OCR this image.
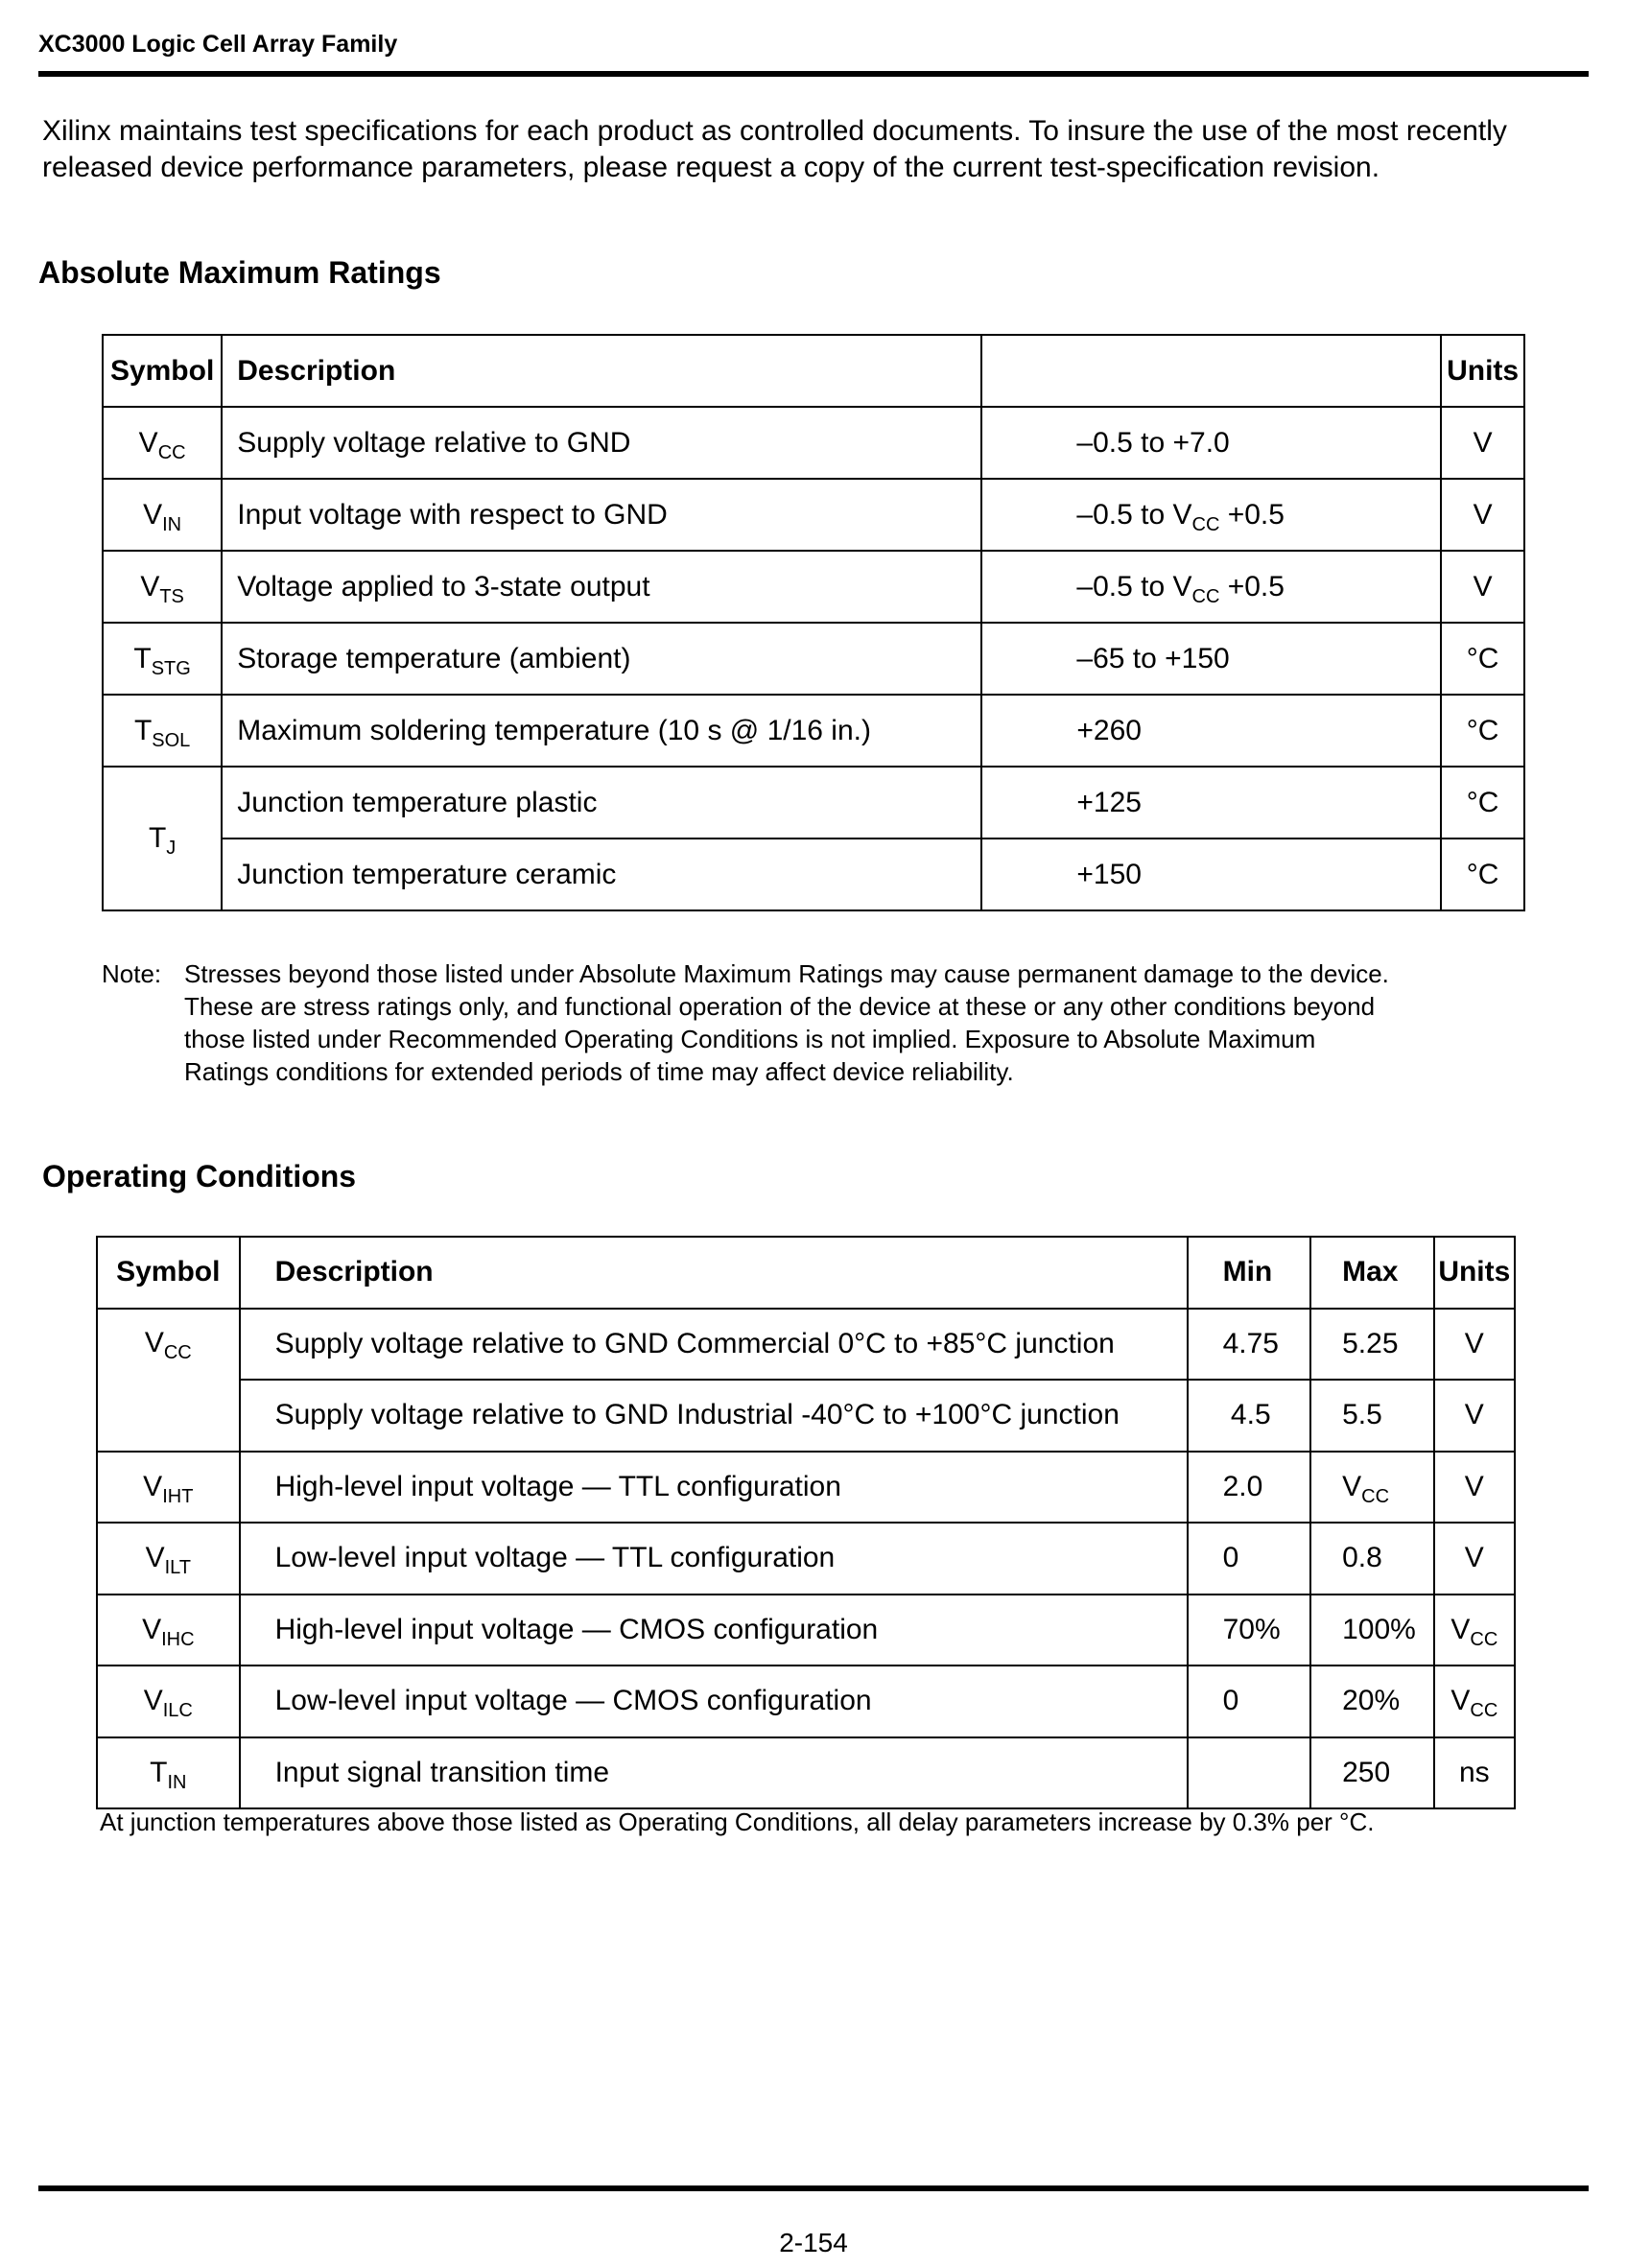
XC3000 Logic Cell Array Family
Xilinx maintains test specifications for each product as controlled documents. To insure the use of the most recently released device performance parameters, please request a copy of the current test-specification revision.
Absolute Maximum Ratings
Symbol	Description		Units
$V_{CC}$	Supply voltage relative to GND	–0.5 to +7.0	V
$V_{IN}$	Input voltage with respect to GND	–0.5 to $V_{CC} +0.5$	V
$V_{TS}$	Voltage applied to 3-state output	–0.5 to $V_{CC} +0.5$	V
$T_{STG}$	Storage temperature (ambient)	–65 to +150	°C
$T_{SOL}$	Maximum soldering temperature (10 s @ 1/16 in.)	+260	°C
$T_J$	Junction temperature plastic	+125	°C
	Junction temperature ceramic	+150	°C
Note: Stresses beyond those listed under Absolute Maximum Ratings may cause permanent damage to the device.
These are stress ratings only, and functional operation of the device at these or any other conditions beyond
those listed under Recommended Operating Conditions is not implied. Exposure to Absolute Maximum
Ratings conditions for extended periods of time may affect device reliability.
Operating Conditions
Symbol	Description	Min	Max	Units
$V_{CC}$	Supply voltage relative to GND Commercial 0°C to +85°C junction	4.75	5.25	V
	Supply voltage relative to GND Industrial -40°C to +100°C junction	4.5	5.5	V
$V_{IHT}$	High-level input voltage — TTL configuration	2.0	$V_{CC}$	V
$V_{ILT}$	Low-level input voltage — TTL configuration	0	0.8	V
$V_{IHC}$	High-level input voltage — CMOS configuration	70%	100%	$V_{CC}$
$V_{ILC}$	Low-level input voltage — CMOS configuration	0	20%	$V_{CC}$
$T_{IN}$	Input signal transition time		250	ns
At junction temperatures above those listed as Operating Conditions, all delay parameters increase by 0.3% per °C.
2-154
